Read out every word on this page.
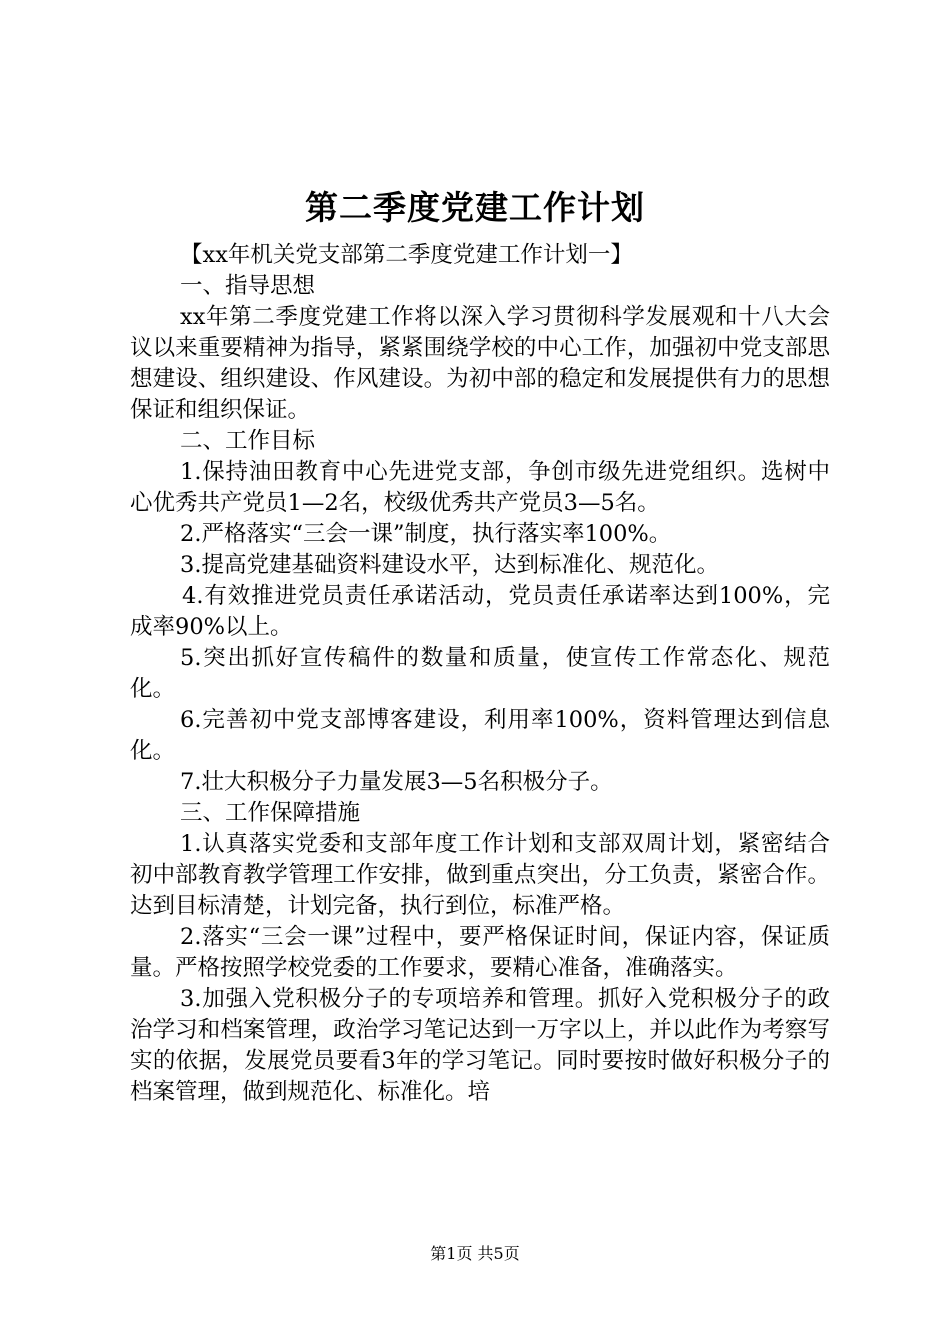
第二季度党建工作计划

【xx年机关党支部第二季度党建工作计划一】

一、指导思想

xx年第二季度党建工作将以深入学习贯彻科学发展观和十八大会议以来重要精神为指导，紧紧围绕学校的中心工作，加强初中党支部思想建设、组织建设、作风建设。为初中部的稳定和发展提供有力的思想保证和组织保证。

二、工作目标

1.保持油田教育中心先进党支部，争创市级先进党组织。选树中心优秀共产党员1—2名，校级优秀共产党员3—5名。

2.严格落实“三会一课”制度，执行落实率100%。

3.提高党建基础资料建设水平，达到标准化、规范化。

4.有效推进党员责任承诺活动，党员责任承诺率达到100%，完成率90%以上。

5.突出抓好宣传稿件的数量和质量，使宣传工作常态化、规范化。

6.完善初中党支部博客建设，利用率100%，资料管理达到信息化。

7.壮大积极分子力量发展3—5名积极分子。

三、工作保障措施

1.认真落实党委和支部年度工作计划和支部双周计划，紧密结合初中部教育教学管理工作安排，做到重点突出，分工负责，紧密合作。达到目标清楚，计划完备，执行到位，标准严格。

2.落实“三会一课”过程中，要严格保证时间，保证内容，保证质量。严格按照学校党委的工作要求，要精心准备，准确落实。

3.加强入党积极分子的专项培养和管理。抓好入党积极分子的政治学习和档案管理，政治学习笔记达到一万字以上，并以此作为考察写实的依据，发展党员要看3年的学习笔记。同时要按时做好积极分子的档案管理，做到规范化、标准化。培

第1页 共5页
